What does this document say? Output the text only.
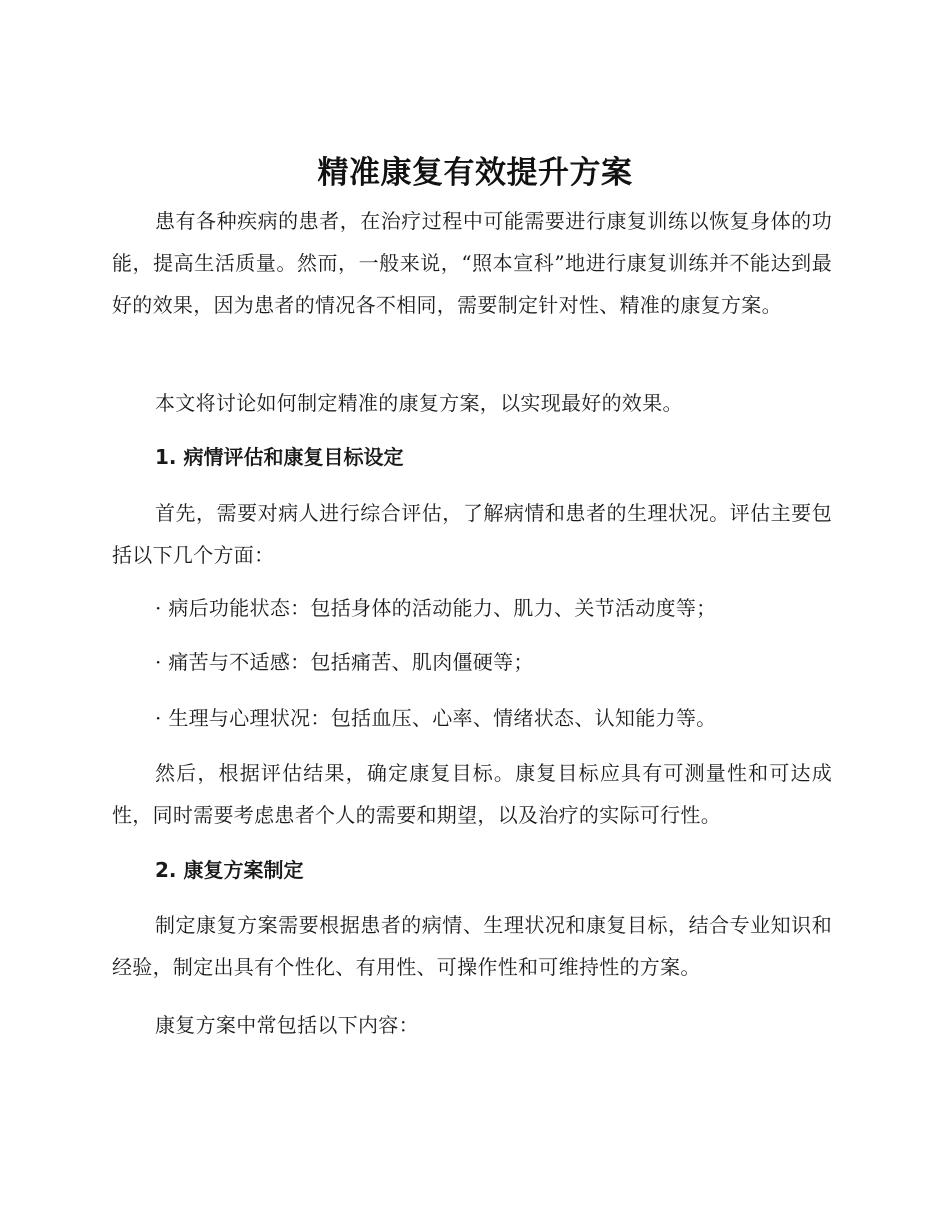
精准康复有效提升方案
患有各种疾病的患者，在治疗过程中可能需要进行康复训练以恢复身体的功能，提高生活质量。然而，一般来说，“照本宣科”地进行康复训练并不能达到最好的效果，因为患者的情况各不相同，需要制定针对性、精准的康复方案。
本文将讨论如何制定精准的康复方案，以实现最好的效果。
1. 病情评估和康复目标设定
首先，需要对病人进行综合评估，了解病情和患者的生理状况。评估主要包括以下几个方面：
· 病后功能状态：包括身体的活动能力、肌力、关节活动度等；
· 痛苦与不适感：包括痛苦、肌肉僵硬等；
· 生理与心理状况：包括血压、心率、情绪状态、认知能力等。
然后，根据评估结果，确定康复目标。康复目标应具有可测量性和可达成性，同时需要考虑患者个人的需要和期望，以及治疗的实际可行性。
2. 康复方案制定
制定康复方案需要根据患者的病情、生理状况和康复目标，结合专业知识和经验，制定出具有个性化、有用性、可操作性和可维持性的方案。
康复方案中常包括以下内容：
